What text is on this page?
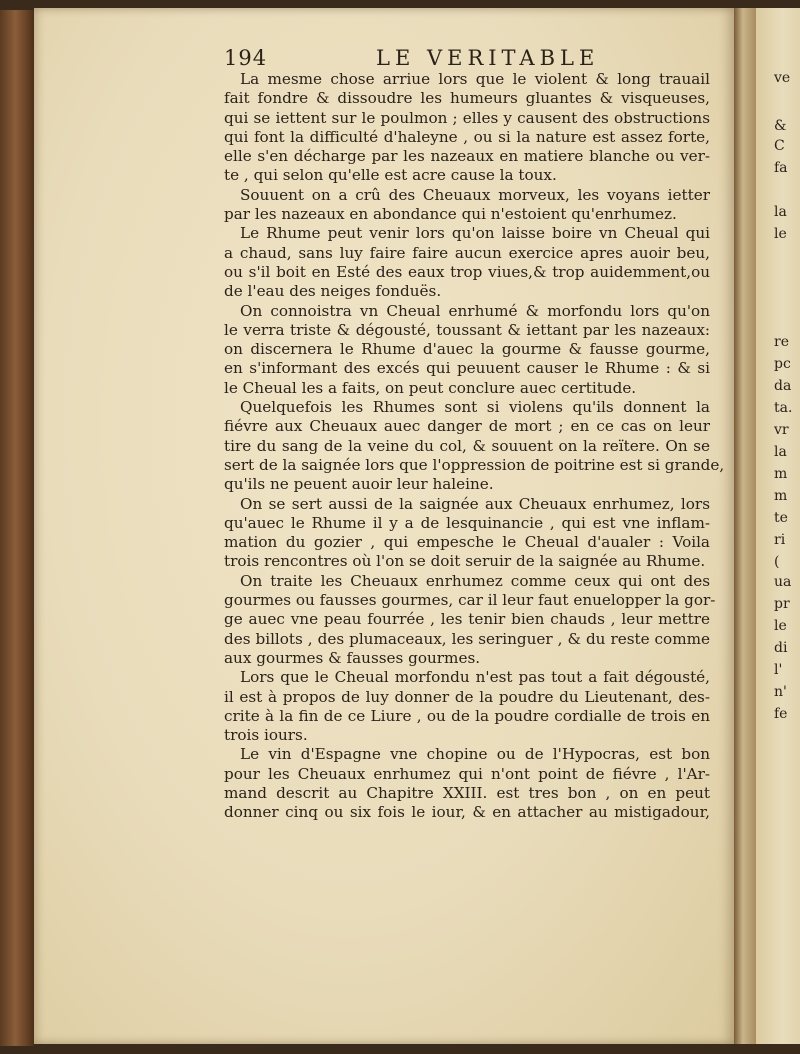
194	LE VERITABLE
La mesme chose arriue lors que le violent & long trauail
fait fondre & dissoudre les humeurs gluantes & visqueuses,
qui se iettent sur le poulmon ; elles y causent des obstructions
qui font la difficulté d'haleyne , ou si la nature est assez forte,
elle s'en décharge par les nazeaux en matiere blanche ou ver-
te , qui selon qu'elle est acre cause la toux.
Souuent on a crû des Cheuaux morveux, les voyans ietter
par les nazeaux en abondance qui n'estoient qu'enrhumez.
Le Rhume peut venir lors qu'on laisse boire vn Cheual qui
a chaud, sans luy faire faire aucun exercice apres auoir beu,
ou s'il boit en Esté des eaux trop viues,& trop auidemment,ou
de l'eau des neiges fonduës.
On connoistra vn Cheual enrhumé & morfondu lors qu'on
le verra triste & dégousté, toussant & iettant par les nazeaux:
on discernera le Rhume d'auec la gourme & fausse gourme,
en s'informant des excés qui peuuent causer le Rhume : & si
le Cheual les a faits, on peut conclure auec certitude.
Quelquefois les Rhumes sont si violens qu'ils donnent la
fiévre aux Cheuaux auec danger de mort ; en ce cas on leur
tire du sang de la veine du col, & souuent on la reïtere. On se
sert de la saignée lors que l'oppression de poitrine est si grande,
qu'ils ne peuent auoir leur haleine.
On se sert aussi de la saignée aux Cheuaux enrhumez, lors
qu'auec le Rhume il y a de lesquinancie , qui est vne inflam-
mation du gozier , qui empesche le Cheual d'aualer : Voila
trois rencontres où l'on se doit seruir de la saignée au Rhume.
On traite les Cheuaux enrhumez comme ceux qui ont des
gourmes ou fausses gourmes, car il leur faut enuelopper la gor-
ge auec vne peau fourrée , les tenir bien chauds , leur mettre
des billots , des plumaceaux, les seringuer , & du reste comme
aux gourmes & fausses gourmes.
Lors que le Cheual morfondu n'est pas tout a fait dégousté,
il est à propos de luy donner de la poudre du Lieutenant, des-
crite à la fin de ce Liure , ou de la poudre cordialle de trois en
trois iours.
Le vin d'Espagne vne chopine ou de l'Hypocras, est bon
pour les Cheuaux enrhumez qui n'ont point de fiévre , l'Ar-
mand descrit au Chapitre XXIII. est tres bon , on en peut
donner cinq ou six fois le iour, & en attacher au mistigadour,
ve
&
C
fa
la
le
re
pc
da
ta.
vr
la
m
m
te
ri
(
ua
pr
le
di
l'
n'
fe
